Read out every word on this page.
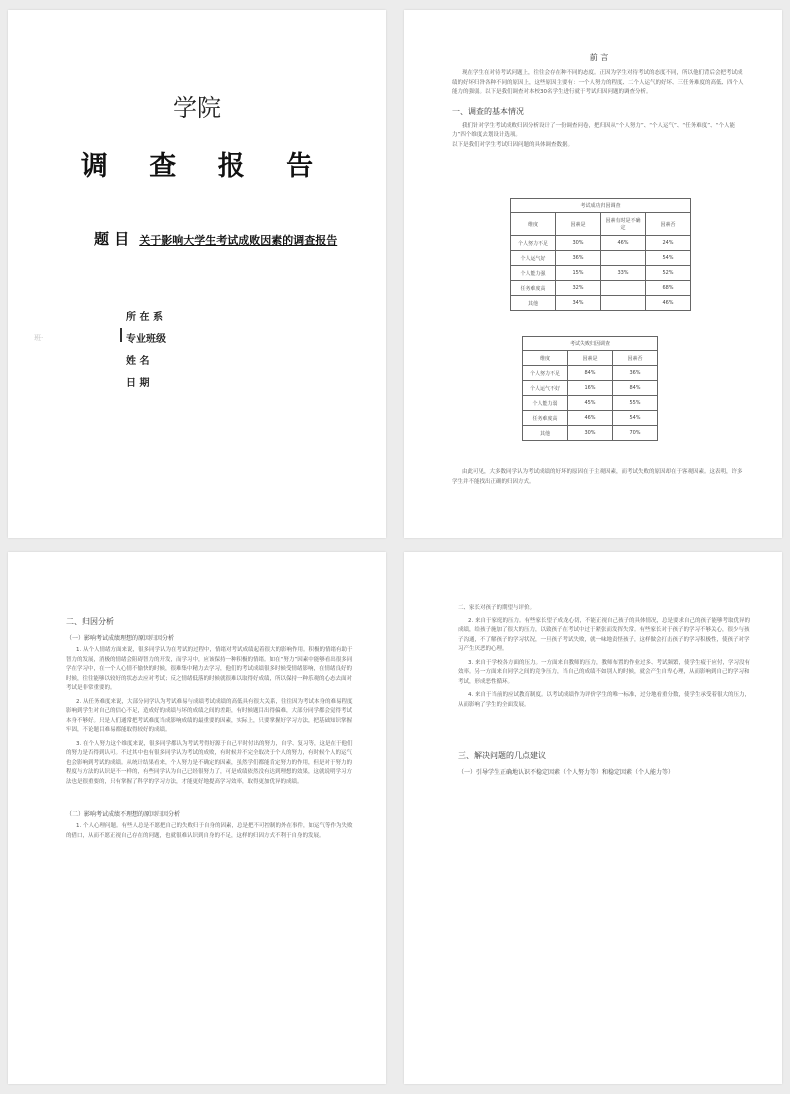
学院
调 查 报 告
题 目 关于影响大学生考试成败因素的调查报告
班·
所 在 系
专业班级
姓 名
日 期
前 言

现在学生在对待考试问题上，往往会存在种不同的态度。正因为学生对待考试的态度不同，所以他们背后会把考试成绩的好坏归咎各种不同的原因上，这些原因主要有：一个人努力的程度、二个人运气的好坏、三任务难度的高低、四个人能力的强弱。以下是我们调查对本校30名学生进行就于考试归因问题的调查分析。

一、调查的基本情况

我们针对学生考试成败归因分析设计了一份调查问卷，把归因从“个人努力”、“个人运气”、“任务难度”、“个人能力”四个维度去划设计选项。

以下是我们对学生考试归因问题的具体调查数据。

考试成功归因调查
维度	因素是	因素有时是不确定	因素否
个人努力不足	30%	46%	24%
个人运气好	36%		54%
个人能力强	15%	33%	52%
任务难度高	32%		68%
其他	34%		46%
考试失败归因调查
维度	因素是	因素否
个人努力不足	84%	36%
个人运气不好	16%	84%
个人能力弱	45%	55%
任务难度高	46%	54%
其他	30%	70%

由此可见，大多数同学认为考试成绩的好坏的原因在于主观因素，而考试失败的原因却在于客观因素。这表明，许多学生并不能找出正确的归因方式。

二、归因分析
（一）影响考试成绩理想的原因归因分析

1. 从个人情绪方面来说，很多同学认为在考试的过程中，情绪对考试成绩起着很大的影响作用。积极的情绪有助于智力的发展，消极的情绪会阻碍智力的开发，而学习中，应该保持一种积极的情绪。如在“努力”因素中能够看出很多同学在学习中，在一个人心情不愉快的时候，很难集中精力去学习，他们的考试成绩很多时候受情绪影响，在情绪良好的时候，往往能够以较好的状态去应对考试；反之情绪低落的时候就很难以取得好成绩，所以保持一种乐观的心态去面对考试是非常重要的。

2. 从任务难度来说，大部分同学认为考试难易与成绩考试成绩的高低具有很大关系，往往因为考试本身的难易程度影响到学生对自己的信心不足，造成好的成绩与坏的成绩之间的差距，有时候题目出得偏难，大部分同学都会觉得考试本身不够好。只是人们通常把考试难度当成影响成绩的最重要的因素，实际上，只要掌握好学习方法，把基础知识掌握牢固，不论题目难易都能取得较好的成绩。

3. 在个人努力这个维度来说，很多同学都认为考试考得好源于自己平时付出的努力，自学、复习等，这是在于他们的努力是否得到认可。不过其中也有很多同学认为考试的成败，有时候并不完全取决于个人的努力，有时候个人的运气也会影响到考试的成绩。从统计结果看来，个人努力是不确定的因素，虽然学们都能肯定努力的作用，但是对于努力的程度与方法的认识是不一样的，有些同学认为自己已经很努力了，可是成绩依然没有达到理想的效果，这就说明学习方法也是很重要的，只有掌握了科学的学习方法，才能更好地提高学习效率，取得更加优异的成绩。

（二）影响考试成绩不理想的原因归因分析

1. 个人心理问题。有些人总是不愿把自己的失败归于自身的因素，总是把不可控制的外在事件，如运气等作为失败的借口，从而不愿正视自己存在的问题，也就很难认识到自身的不足，这样的归因方式不利于自身的发展。

二、家长对孩子的期望与评价。

2. 来自于家庭的压力。有些家长望子成龙心切，不能正视自己孩子的具体情况，总是要求自己的孩子能够考取优异的成绩，给孩子施加了很大的压力，以致孩子在考试中过于紧张而发挥失常。有些家长对于孩子的学习不够关心，很少与孩子沟通，不了解孩子的学习状况，一旦孩子考试失败，就一味地责怪孩子，这样做会打击孩子的学习积极性，使孩子对学习产生厌恶的心理。

3. 来自于学校各方面的压力。一方面来自教师的压力，教师布置的作业过多、考试频繁，使学生疲于应付，学习没有效率。另一方面来自同学之间的竞争压力，当自己的成绩不如别人的时候，就会产生自卑心理，从而影响到自己的学习和考试，形成恶性循环。

4. 来自于当前的应试教育制度。以考试成绩作为评价学生的唯一标准，过分地看重分数，使学生承受着很大的压力，从而影响了学生的全面发展。

三、解决问题的几点建议
（一）引导学生正确地认识不稳定因素（个人努力等）和稳定因素（个人能力等）
